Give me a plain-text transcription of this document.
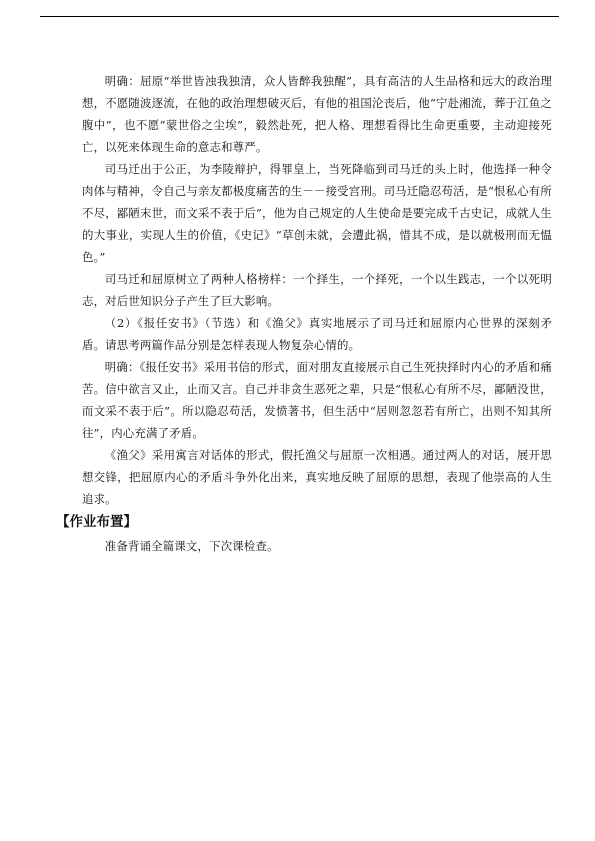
明确：屈原“举世皆浊我独清，众人皆醉我独醒”，具有高洁的人生品格和远大的政治理想，不愿随波逐流，在他的政治理想破灭后，有他的祖国沦丧后，他“宁赴湘流，葬于江鱼之腹中”，也不愿“蒙世俗之尘埃”，毅然赴死，把人格、理想看得比生命更重要，主动迎接死亡，以死来体现生命的意志和尊严。

司马迁出于公正，为李陵辩护，得罪皇上，当死降临到司马迁的头上时，他选择一种令肉体与精神，令自己与亲友都极度痛苦的生－－接受宫刑。司马迁隐忍苟活，是“恨私心有所不尽，鄙陋末世，而文采不表于后”，他为自己规定的人生使命是要完成千古史记，成就人生的大事业，实现人生的价值，《史记》“草创未就，会遭此祸，惜其不成，是以就极刑而无愠色。”

司马迁和屈原树立了两种人格榜样：一个择生，一个择死，一个以生践志，一个以死明志，对后世知识分子产生了巨大影响。

（2）《报任安书》（节选）和《渔父》真实地展示了司马迁和屈原内心世界的深刻矛盾。请思考两篇作品分别是怎样表现人物复杂心情的。

明确：《报任安书》采用书信的形式，面对朋友直接展示自己生死抉择时内心的矛盾和痛苦。信中欲言又止，止而又言。自己并非贪生恶死之辈，只是“恨私心有所不尽，鄙陋没世，而文采不表于后”。所以隐忍苟活，发愤著书，但生活中“居则忽忽若有所亡，出则不知其所往”，内心充满了矛盾。

《渔父》采用寓言对话体的形式，假托渔父与屈原一次相遇。通过两人的对话，展开思想交锋，把屈原内心的矛盾斗争外化出来，真实地反映了屈原的思想，表现了他崇高的人生追求。

【作业布置】

准备背诵全篇课文，下次课检查。
